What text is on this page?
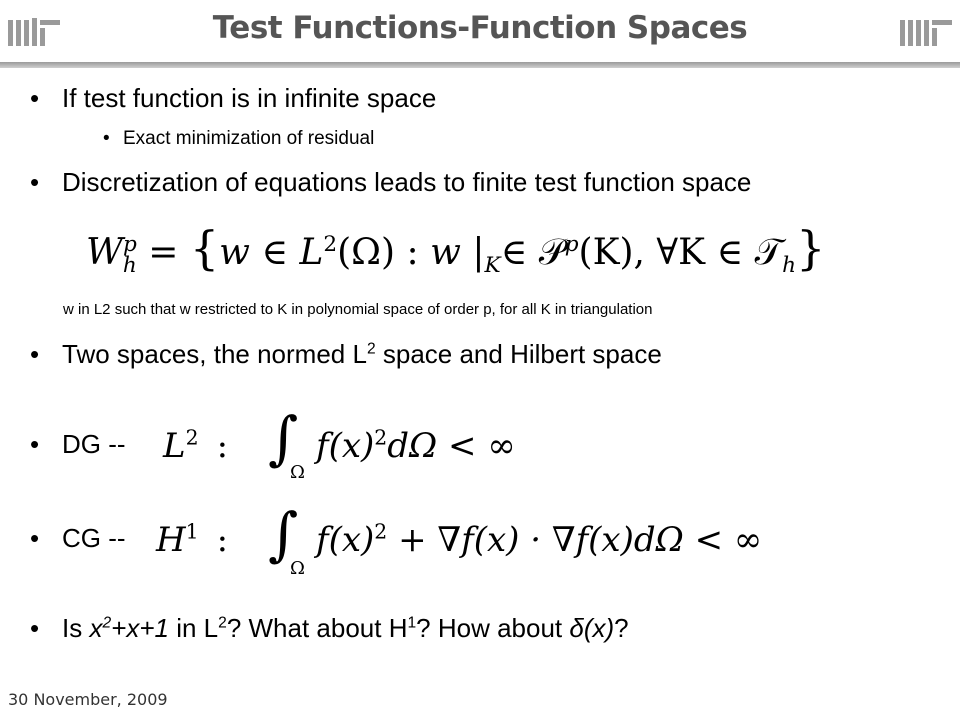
Test Functions-Function Spaces
• If test function is in infinite space
• Exact minimization of residual
• Discretization of equations leads to finite test function space
$W^p_h = \{w$ ∈ $L^2(\Omega)$ : w $|_K\in$ 𝒫$^p$(K), ∀K ∈ 𝒯$_h$}
w in L2 such that w restricted to K in polynomial space of order p, for all K in triangulation
• Two spaces, the normed $L^2$ space and Hilbert space
• DG -- $L^2$ : ∫
Ω
$f(x)^2d\Omega$ < ∞
• CG -- $H^1$ : ∫
Ω
$f(x)^2 + \nabla f(x) \cdot \nabla f(x)d\Omega$ < ∞
• Is $x^2+x+1$ in $L^2$? What about $H^1$? How about δ(x)?
30 November, 2009
